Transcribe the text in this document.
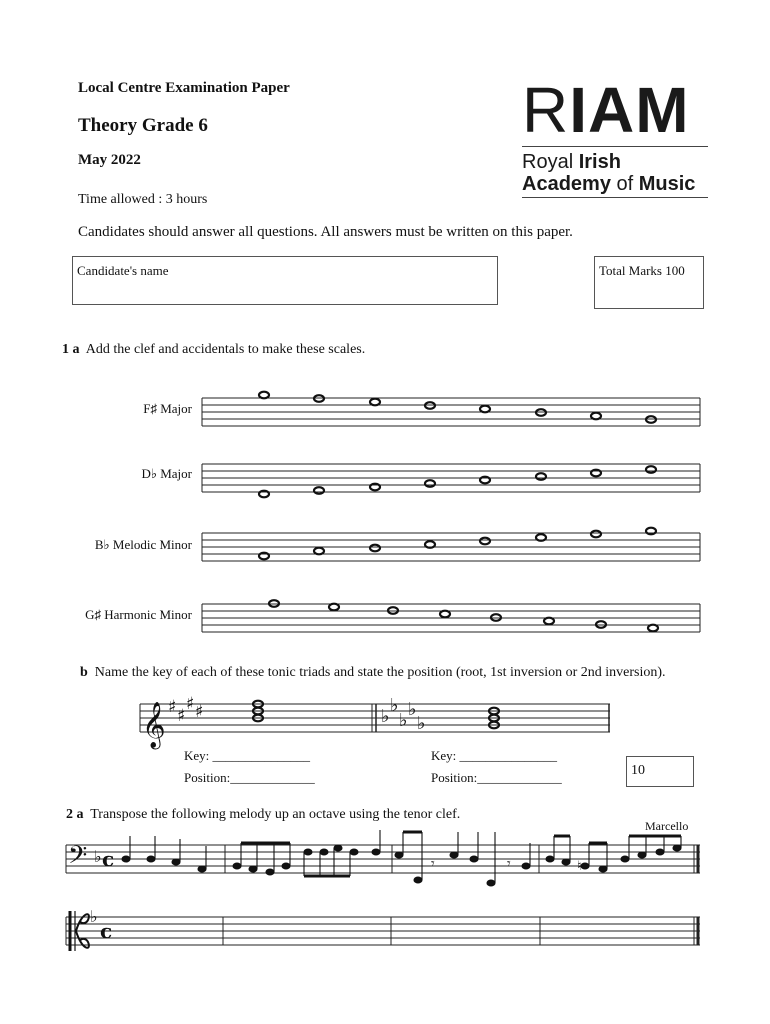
Local Centre Examination Paper
Theory Grade 6
May 2022
Time allowed : 3 hours
Candidates should answer all questions. All answers must be written on this paper.
RIAM
Royal Irish
Academy of Music
Candidate's name	Total Marks 100
1 a Add the clef and accidentals to make these scales.
F♯ Major
D♭ Major
B♭ Melodic Minor
G♯ Harmonic Minor
𝄞 ♯ ♯
♯ ♯	♭
♭
♭
♭
♭
𝄢 ♭ c	𝄾	𝄾	♮
♭
c
b Name the key of each of these tonic triads and state the position (root, 1st inversion or 2nd inversion).
Key: _______________
Position:_____________
Key: _______________
Position:_____________	10
2 a Transpose the following melody up an octave using the tenor clef.
Marcello
